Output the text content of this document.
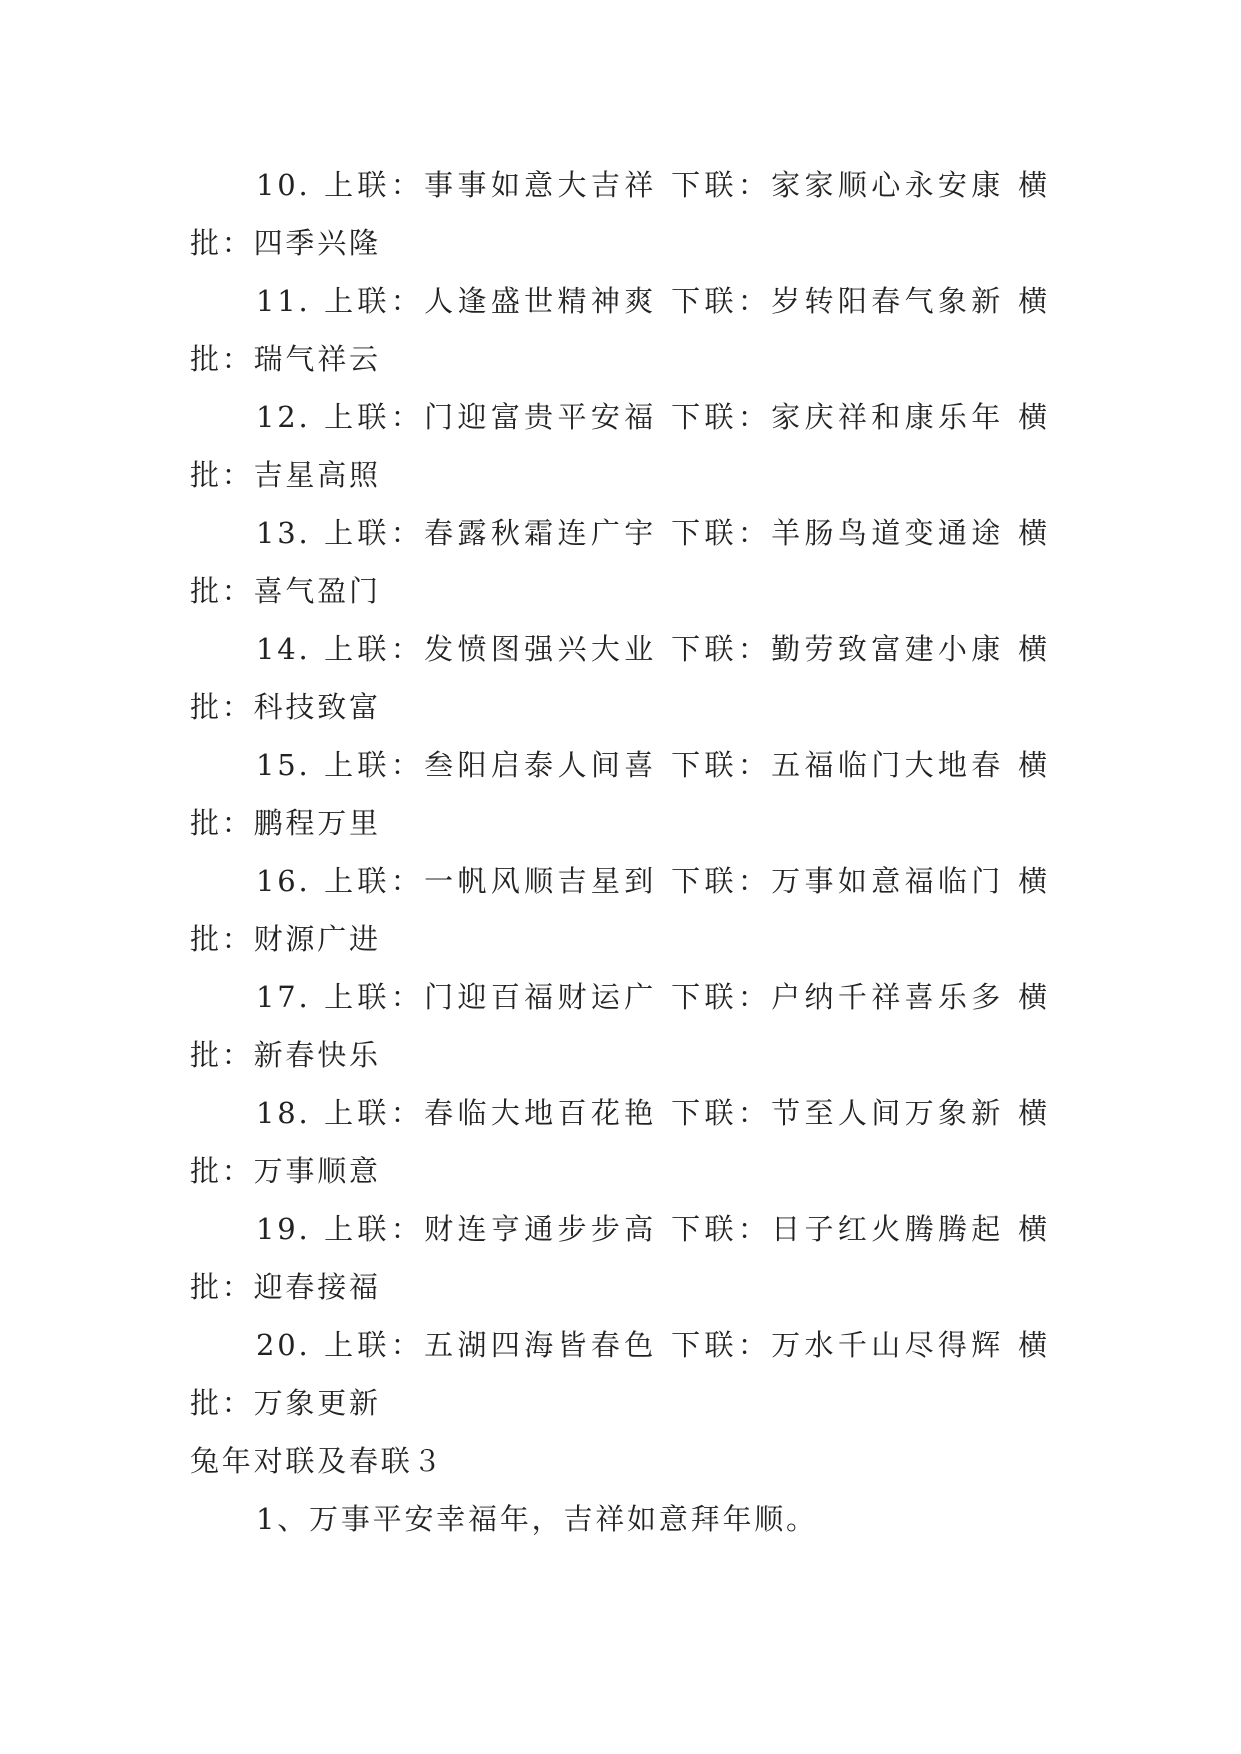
10. 上联：事事如意大吉祥 下联：家家顺心永安康 横批：四季兴隆

11. 上联：人逢盛世精神爽 下联：岁转阳春气象新 横批：瑞气祥云

12. 上联：门迎富贵平安福 下联：家庆祥和康乐年 横批：吉星高照

13. 上联：春露秋霜连广宇 下联：羊肠鸟道变通途 横批：喜气盈门

14. 上联：发愤图强兴大业 下联：勤劳致富建小康 横批：科技致富

15. 上联：叁阳启泰人间喜 下联：五福临门大地春 横批：鹏程万里

16. 上联：一帆风顺吉星到 下联：万事如意福临门 横批：财源广进

17. 上联：门迎百福财运广 下联：户纳千祥喜乐多 横批：新春快乐

18. 上联：春临大地百花艳 下联：节至人间万象新 横批：万事顺意

19. 上联：财连亨通步步高 下联：日子红火腾腾起 横批：迎春接福

20. 上联：五湖四海皆春色 下联：万水千山尽得辉 横批：万象更新

兔年对联及春联３

1、万事平安幸福年，吉祥如意拜年顺。
